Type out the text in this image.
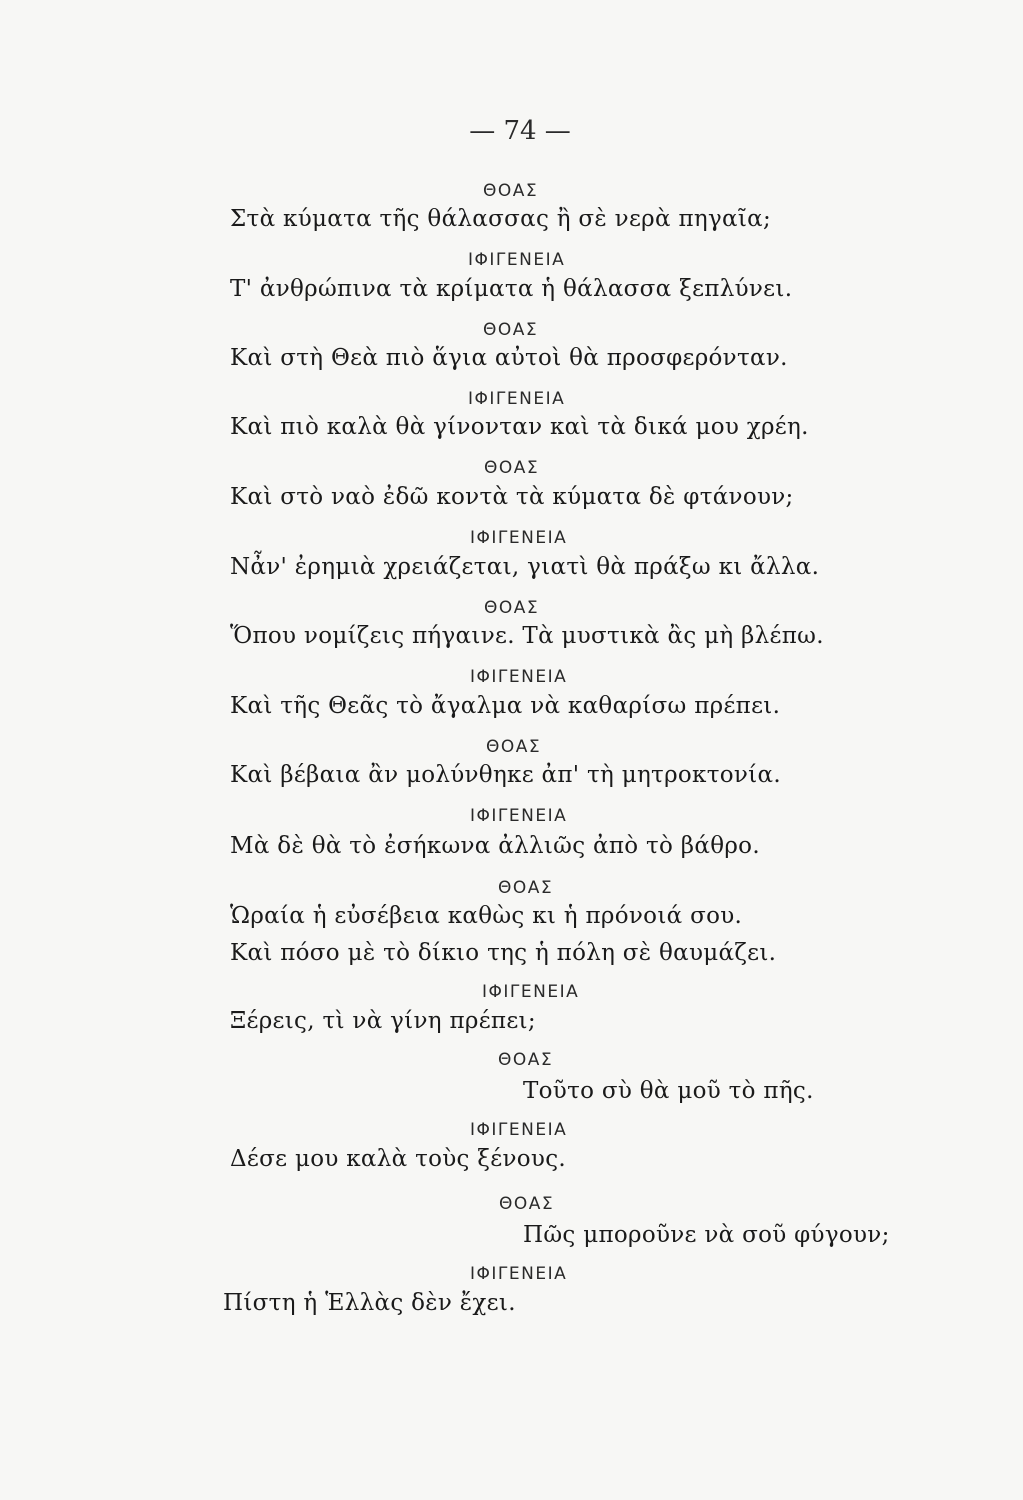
— 74 —
ΘΟΑΣ
Στὰ κύματα τῆς θάλασσας ἢ σὲ νερὰ πηγαῖα;
ΙΦΙΓΕΝΕΙΑ
Τ' ἀνθρώπινα τὰ κρίματα ἡ θάλασσα ξεπλύνει.
ΘΟΑΣ
Καὶ στὴ Θεὰ πιὸ ἅγια αὐτοὶ θὰ προσφερόνταν.
ΙΦΙΓΕΝΕΙΑ
Καὶ πιὸ καλὰ θὰ γίνονταν καὶ τὰ δικά μου χρέη.
ΘΟΑΣ
Καὶ στὸ ναὸ ἐδῶ κοντὰ τὰ κύματα δὲ φτάνουν;
ΙΦΙΓΕΝΕΙΑ
Νἆν' ἐρημιὰ χρειάζεται, γιατὶ θὰ πράξω κι ἄλλα.
ΘΟΑΣ
Ὅπου νομίζεις πήγαινε. Τὰ μυστικὰ ἂς μὴ βλέπω.
ΙΦΙΓΕΝΕΙΑ
Καὶ τῆς Θεᾶς τὸ ἄγαλμα νὰ καθαρίσω πρέπει.
ΘΟΑΣ
Καὶ βέβαια ἂν μολύνθηκε ἀπ' τὴ μητροκτονία.
ΙΦΙΓΕΝΕΙΑ
Μὰ δὲ θὰ τὸ ἐσήκωνα ἀλλιῶς ἀπὸ τὸ βάθρο.
ΘΟΑΣ
Ὡραία ἡ εὐσέβεια καθὼς κι ἡ πρόνοιά σου.
Καὶ πόσο μὲ τὸ δίκιο της ἡ πόλη σὲ θαυμάζει.
ΙΦΙΓΕΝΕΙΑ
Ξέρεις, τὶ νὰ γίνη πρέπει;
ΘΟΑΣ
Τοῦτο σὺ θὰ μοῦ τὸ πῆς.
ΙΦΙΓΕΝΕΙΑ
Δέσε μου καλὰ τοὺς ξένους.
ΘΟΑΣ
Πῶς μποροῦνε νὰ σοῦ φύγουν;
ΙΦΙΓΕΝΕΙΑ
Πίστη ἡ Ἑλλὰς δὲν ἔχει.
